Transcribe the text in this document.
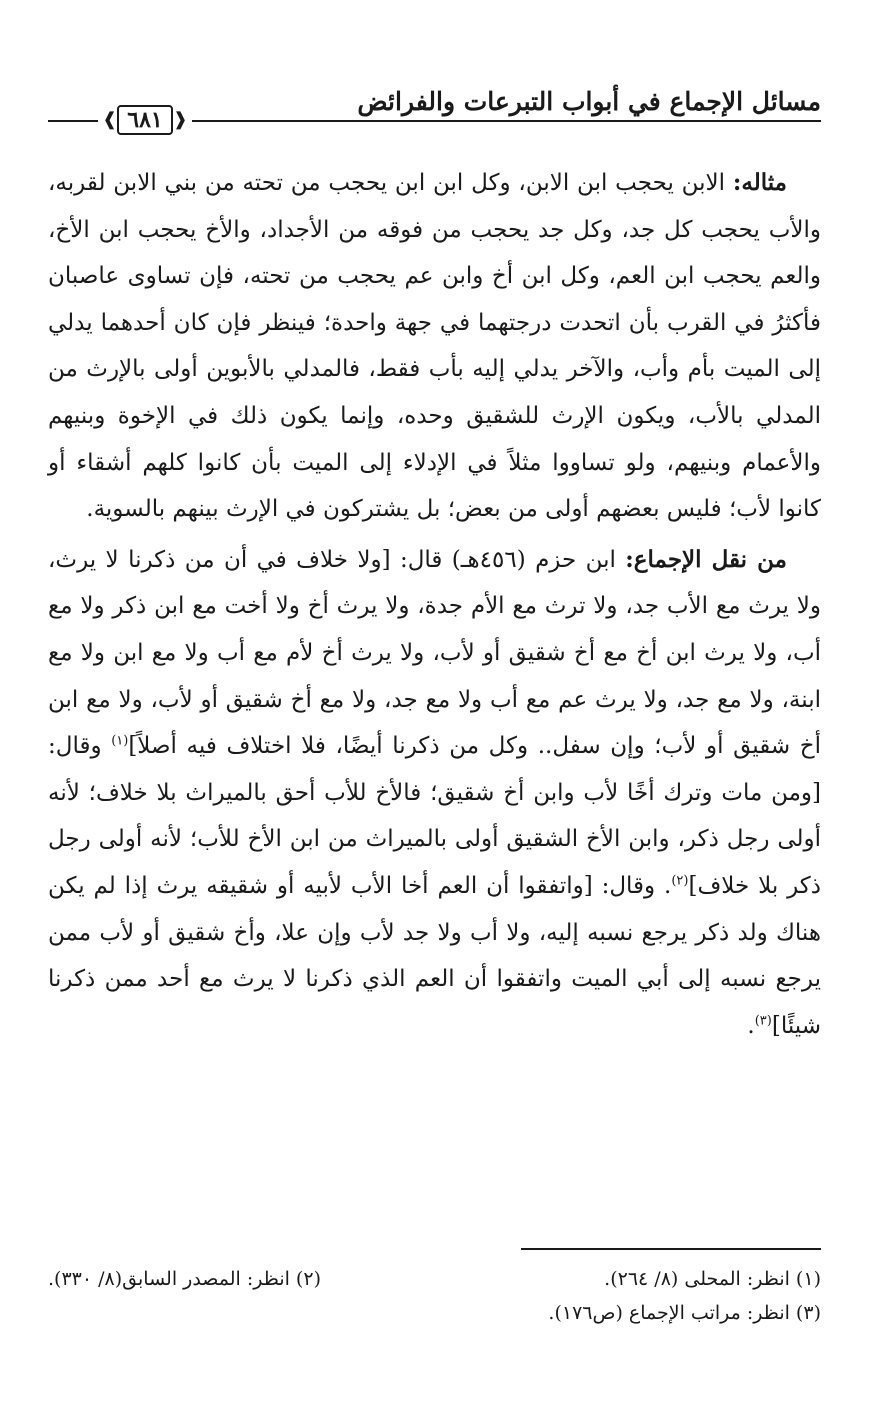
مسائل الإجماع في أبواب التبرعات والفرائض
❰
٦٨١
❱

مثاله: الابن يحجب ابن الابن، وكل ابن ابن يحجب من تحته من بني الابن لقربه، والأب يحجب كل جد، وكل جد يحجب من فوقه من الأجداد، والأخ يحجب ابن الأخ، والعم يحجب ابن العم، وكل ابن أخ وابن عم يحجب من تحته، فإن تساوى عاصبان فأكثرُ في القرب بأن اتحدت درجتهما في جهة واحدة؛ فينظر فإن كان أحدهما يدلي إلى الميت بأم وأب، والآخر يدلي إليه بأب فقط، فالمدلي بالأبوين أولى بالإرث من المدلي بالأب، ويكون الإرث للشقيق وحده، وإنما يكون ذلك في الإخوة وبنيهم والأعمام وبنيهم، ولو تساووا مثلاً في الإدلاء إلى الميت بأن كانوا كلهم أشقاء أو كانوا لأب؛ فليس بعضهم أولى من بعض؛ بل يشتركون في الإرث بينهم بالسوية.

من نقل الإجماع: ابن حزم (٤٥٦هـ) قال: [ولا خلاف في أن من ذكرنا لا يرث، ولا يرث مع الأب جد، ولا ترث مع الأم جدة، ولا يرث أخ ولا أخت مع ابن ذكر ولا مع أب، ولا يرث ابن أخ مع أخ شقيق أو لأب، ولا يرث أخ لأم مع أب ولا مع ابن ولا مع ابنة، ولا مع جد، ولا يرث عم مع أب ولا مع جد، ولا مع أخ شقيق أو لأب، ولا مع ابن أخ شقيق أو لأب؛ وإن سفل.. وكل من ذكرنا أيضًا، فلا اختلاف فيه أصلاً]$^{(١)}$ وقال: [ومن مات وترك أخًا لأب وابن أخ شقيق؛ فالأخ للأب أحق بالميراث بلا خلاف؛ لأنه أولى رجل ذكر، وابن الأخ الشقيق أولى بالميراث من ابن الأخ للأب؛ لأنه أولى رجل ذكر بلا خلاف]$^{(٢)}$. وقال: [واتفقوا أن العم أخا الأب لأبيه أو شقيقه يرث إذا لم يكن هناك ولد ذكر يرجع نسبه إليه، ولا أب ولا جد لأب وإن علا، وأخ شقيق أو لأب ممن يرجع نسبه إلى أبي الميت واتفقوا أن العم الذي ذكرنا لا يرث مع أحد ممن ذكرنا شيئًا]$^{(٣)}$.

(١) انظر: المحلى (٨/ ٢٦٤).
(٢) انظر: المصدر السابق(٨/ ٣٣٠).
(٣) انظر: مراتب الإجماع (ص١٧٦).
